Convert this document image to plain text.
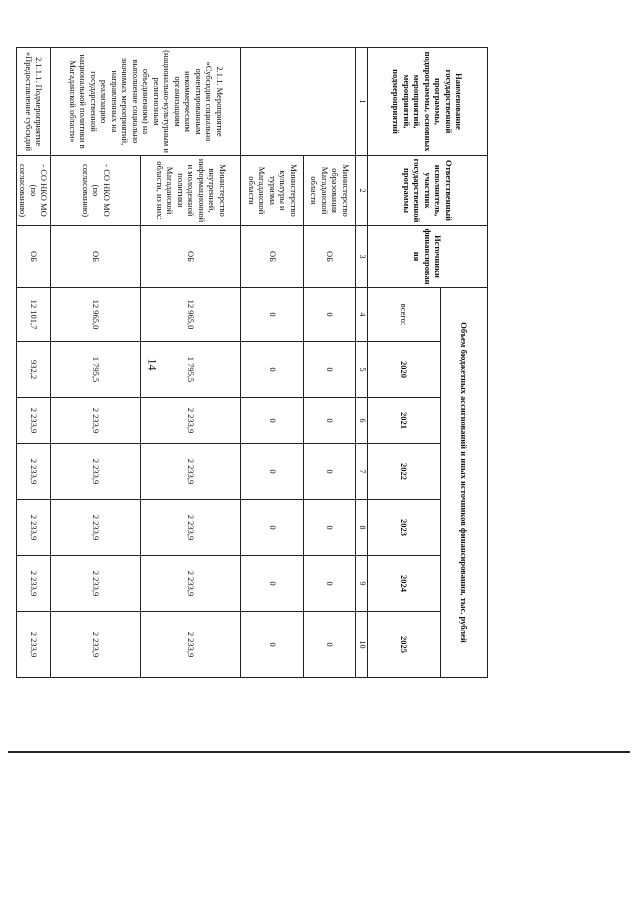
14
Наименование государственной программы, подпрограммы, основных мероприятий, мероприятий, подмероприятий	Ответственный исполнитель, участник государственной программы	Источники финансирования	Объем бюджетных ассигнований и иных источников финансирования, тыс. рублей						
			всего:	2020	2021	2022	2023	2024	2025
1	2	3	4	5	6	7	8	9	10
	Министерство образования Магаданской области	ОБ	0	0	0	0	0	0	0
	Министерство культуры и туризма Магаданской области	ОБ	0	0	0	0	0	0	0
2.1.1. Мероприятие «Субсидии социально ориентированным некоммерческим организациям (национально-культурным и религиозным объединениям) на выполнение социально значимых мероприятий, направленных на реализацию государственной национальной политики в Магаданской области»	Министерство внутренней, информационной и молодежной политики Магаданской области, из них:	ОБ	12 965,0	1 795,5	2 233,9	2 233,9	2 233,9	2 233,9	2 233,9
	- СО НКО МО (по согласованию)	ОБ	12 965,0	1 795,5	2 233,9	2 233,9	2 233,9	2 233,9	2 233,9
2.1.1.1. Подмероприятие «Предоставление субсидий	- СО НКО МО (по согласованию)	ОБ	12 101,7	932,2	2 233,9	2 233,9	2 233,9	2 233,9	2 233,9
